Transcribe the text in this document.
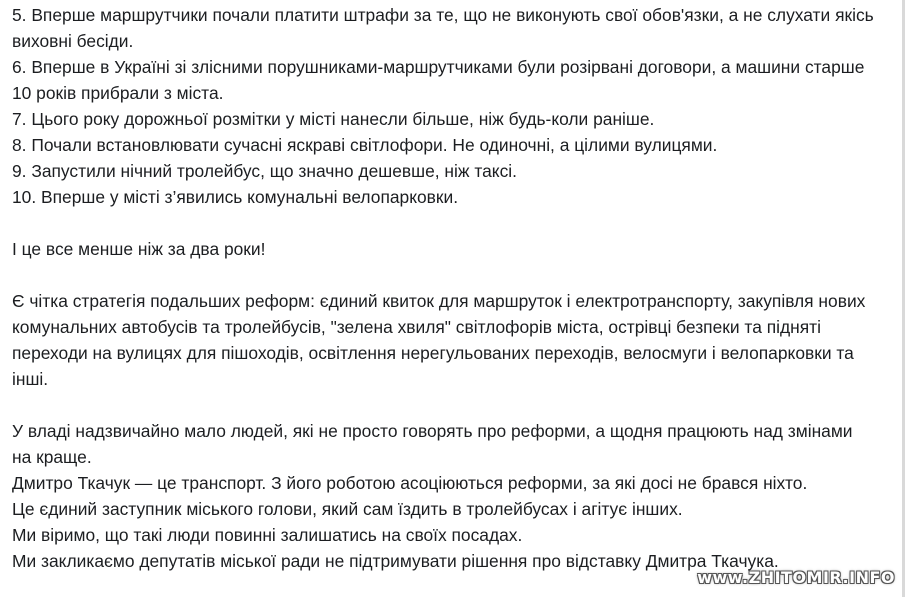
5. Вперше маршрутчики почали платити штрафи за те, що не виконують свої обов'язки, а не слухати якісь
виховні бесіди.
6. Вперше в Україні зі злісними порушниками-маршрутчиками були розірвані договори, а машини старше
10 років прибрали з міста.
7. Цього року дорожньої розмітки у місті нанесли більше, ніж будь-коли раніше.
8. Почали встановлювати сучасні яскраві світлофори. Не одиночні, а цілими вулицями.
9. Запустили нічний тролейбус, що значно дешевше, ніж таксі.
10. Вперше у місті з’явились комунальні велопарковки.
І це все менше ніж за два роки!
Є чітка стратегія подальших реформ: єдиний квиток для маршруток і електротранспорту, закупівля нових
комунальних автобусів та тролейбусів, "зелена хвиля" світлофорів міста, острівці безпеки та підняті
переходи на вулицях для пішоходів, освітлення нерегульованих переходів, велосмуги і велопарковки та
інші.
У владі надзвичайно мало людей, які не просто говорять про реформи, а щодня працюють над змінами
на краще.
Дмитро Ткачук — це транспорт. З його роботою асоціюються реформи, за які досі не брався ніхто.
Це єдиний заступник міського голови, який сам їздить в тролейбусах і агітує інших.
Ми віримо, що такі люди повинні залишатись на своїх посадах.
Ми закликаємо депутатів міської ради не підтримувати рішення про відставку Дмитра Ткачука.
www.ZHITOMIR.INFO
